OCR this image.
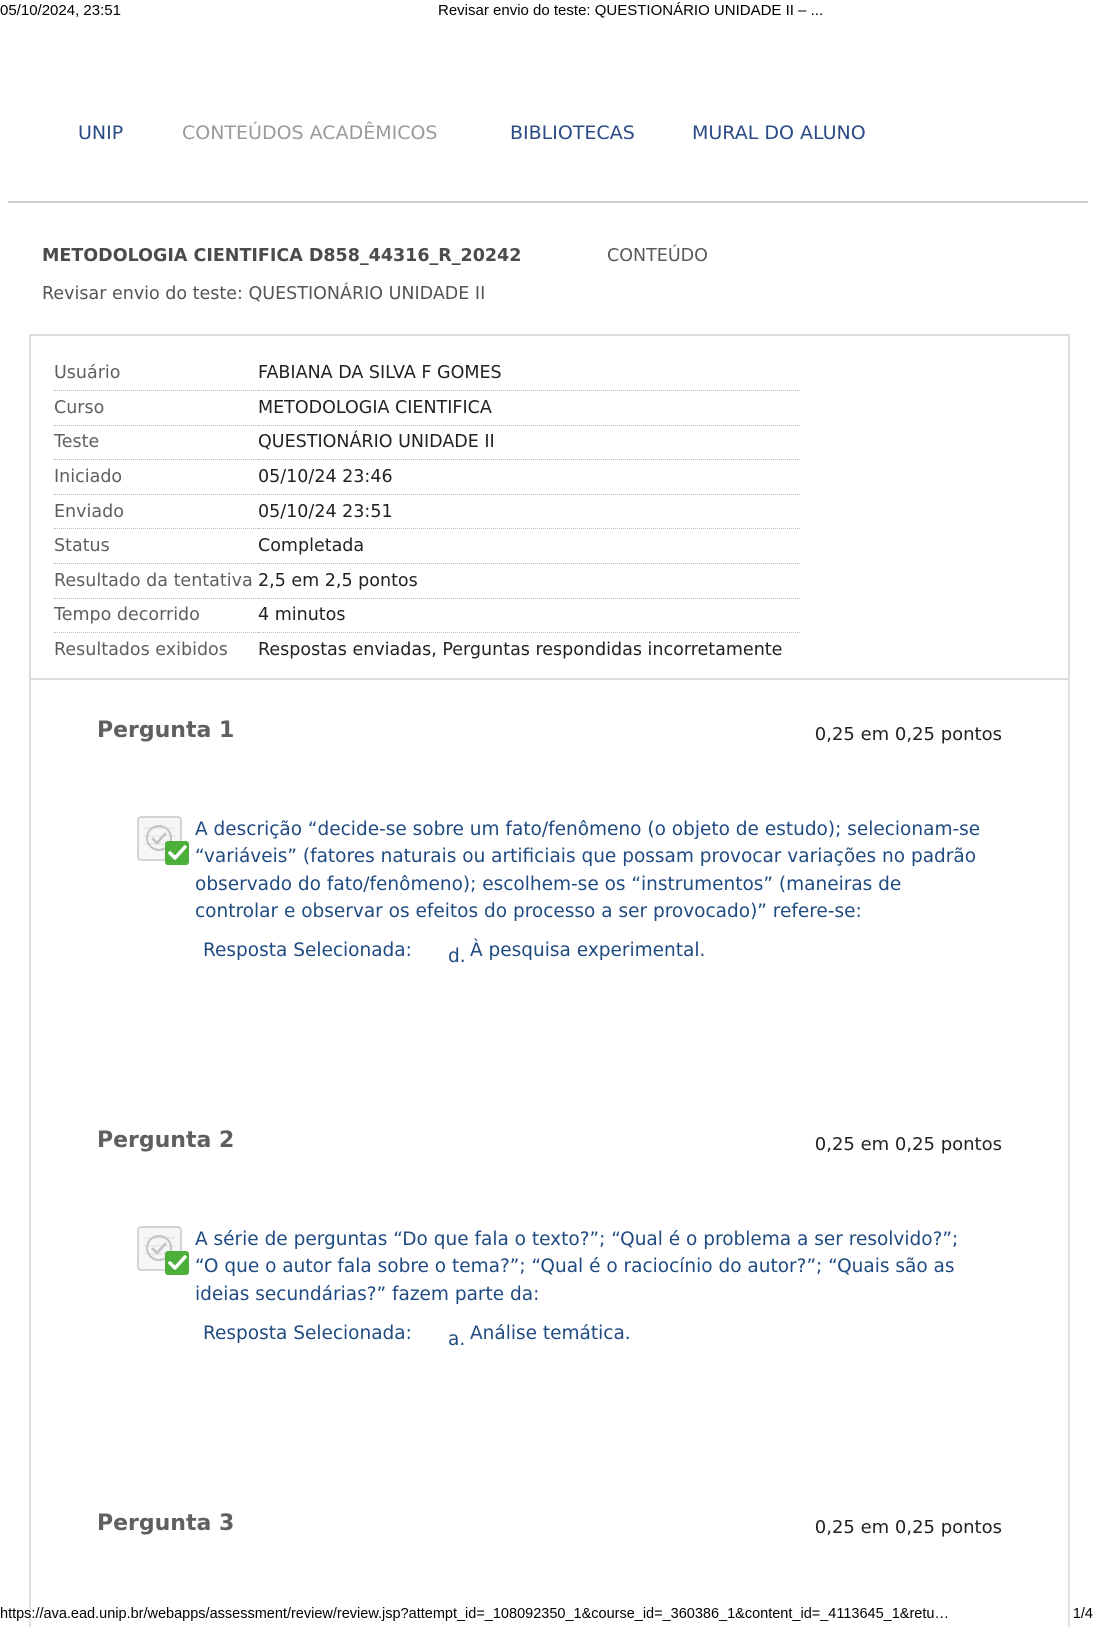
05/10/2024, 23:51	Revisar envio do teste: QUESTIONÁRIO UNIDADE II – ...
UNIP	CONTEÚDOS ACADÊMICOS	BIBLIOTECAS	MURAL DO ALUNO
METODOLOGIA CIENTIFICA D858_44316_R_20242	CONTEÚDO
Revisar envio do teste: QUESTIONÁRIO UNIDADE II
Usuário	FABIANA DA SILVA F GOMES
Curso	METODOLOGIA CIENTIFICA
Teste	QUESTIONÁRIO UNIDADE II
Iniciado	05/10/24 23:46
Enviado	05/10/24 23:51
Status	Completada
Resultado da tentativa	2,5 em 2,5 pontos
Tempo decorrido	4 minutos
Resultados exibidos	Respostas enviadas, Perguntas respondidas incorretamente
Pergunta 1	0,25 em 0,25 pontos
A descrição “decide-se sobre um fato/fenômeno (o objeto de estudo); selecionam-se “variáveis” (fatores naturais ou artificiais que possam provocar variações no padrão observado do fato/fenômeno); escolhem-se os “instrumentos” (maneiras de controlar e observar os efeitos do processo a ser provocado)” refere-se:
Resposta Selecionada: d. À pesquisa experimental.
Pergunta 2	0,25 em 0,25 pontos
A série de perguntas “Do que fala o texto?”; “Qual é o problema a ser resolvido?”; “O que o autor fala sobre o tema?”; “Qual é o raciocínio do autor?”; “Quais são as ideias secundárias?” fazem parte da:
Resposta Selecionada: a. Análise temática.
Pergunta 3	0,25 em 0,25 pontos
https://ava.ead.unip.br/webapps/assessment/review/review.jsp?attempt_id=_108092350_1&course_id=_360386_1&content_id=_4113645_1&retu…	1/4
